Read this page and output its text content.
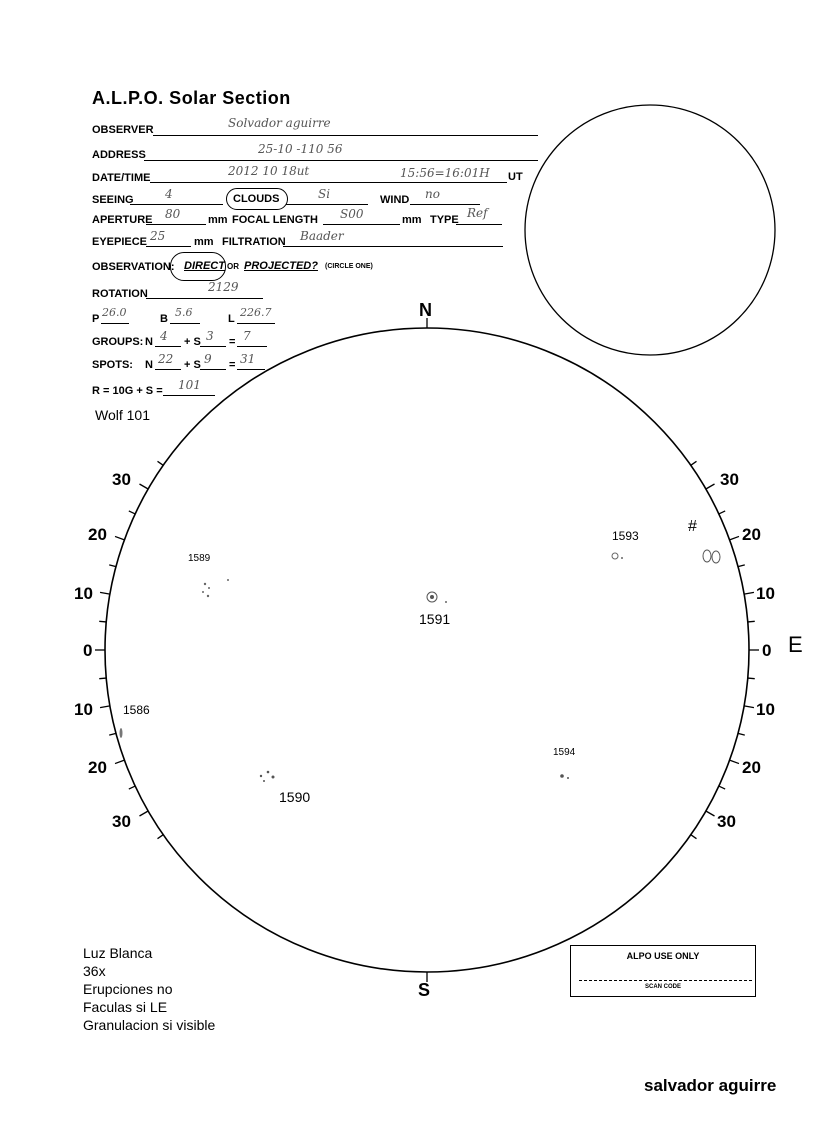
A.L.P.O. Solar Section
OBSERVER	Solvador aguirre
ADDRESS	25-10 -110 56
DATE/TIME	2012 10 18ut	15:56=16:01H UT
SEEING	4	CLOUDS	Si	WIND no
APERTURE 80	mm FOCAL LENGTH S00	mm TYPE Ref
EYEPIECE 25	mm FILTRATION Baader
OBSERVATION: DIRECT OR PROJECTED? (CIRCLE ONE)
ROTATION	2129
P 26.0	B 5.6	L 226.7
GROUPS: N 4 + S 3 = 7
SPOTS: N 22 + S 9 = 31
R = 10G + S = 101
Wolf 101
N
S
E
30
20
10
0
10
20
30
30
20
10
0
10
20
30
1589
1593
#
1591
1586
1594
1590
Luz Blanca
36x
Erupciones no
Faculas si LE
Granulacion si visible
ALPO USE ONLY
SCAN CODE
salvador aguirre
